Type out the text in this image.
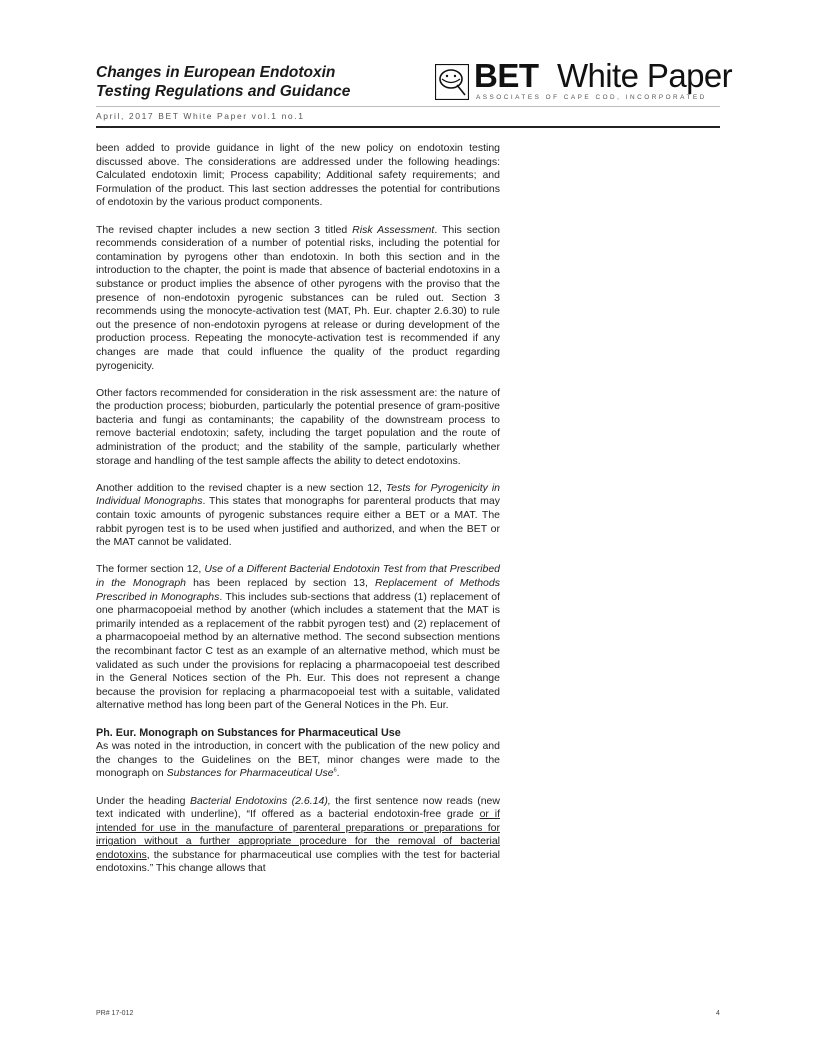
Changes in European Endotoxin
Testing Regulations and Guidance	BET White Paper
ASSOCIATES OF CAPE COD, INCORPORATED
April, 2017 BET White Paper vol.1 no.1

been added to provide guidance in light of the new policy on endotoxin testing discussed above. The considerations are addressed under the following headings: Calculated endotoxin limit; Process capability; Additional safety requirements; and Formulation of the product. This last section addresses the potential for contributions of endotoxin by the various product components.

The revised chapter includes a new section 3 titled Risk Assessment. This section recommends consideration of a number of potential risks, including the potential for contamination by pyrogens other than endotoxin. In both this section and in the introduction to the chapter, the point is made that absence of bacterial endotoxins in a substance or product implies the absence of other pyrogens with the proviso that the presence of non-endotoxin pyrogenic substances can be ruled out. Section 3 recommends using the monocyte-activation test (MAT, Ph. Eur. chapter 2.6.30) to rule out the presence of non-endotoxin pyrogens at release or during development of the production process. Repeating the monocyte-activation test is recommended if any changes are made that could influence the quality of the product regarding pyrogenicity.

Other factors recommended for consideration in the risk assessment are: the nature of the production process; bioburden, particularly the potential presence of gram-positive bacteria and fungi as contaminants; the capability of the downstream process to remove bacterial endotoxin; safety, including the target population and the route of administration of the product; and the stability of the sample, particularly whether storage and handling of the test sample affects the ability to detect endotoxins.

Another addition to the revised chapter is a new section 12, Tests for Pyrogenicity in Individual Monographs. This states that monographs for parenteral products that may contain toxic amounts of pyrogenic substances require either a BET or a MAT. The rabbit pyrogen test is to be used when justified and authorized, and when the BET or the MAT cannot be validated.

The former section 12, Use of a Different Bacterial Endotoxin Test from that Prescribed in the Monograph has been replaced by section 13, Replacement of Methods Prescribed in Monographs. This includes sub-sections that address (1) replacement of one pharmacopoeial method by another (which includes a statement that the MAT is primarily intended as a replacement of the rabbit pyrogen test) and (2) replacement of a pharmacopoeial method by an alternative method. The second subsection mentions the recombinant factor C test as an example of an alternative method, which must be validated as such under the provisions for replacing a pharmacopoeial test described in the General Notices section of the Ph. Eur. This does not represent a change because the provision for replacing a pharmacopoeial test with a suitable, validated alternative method has long been part of the General Notices in the Ph. Eur.

Ph. Eur. Monograph on Substances for Pharmaceutical Use

As was noted in the introduction, in concert with the publication of the new policy and the changes to the Guidelines on the BET, minor changes were made to the monograph on Substances for Pharmaceutical Use$^6$.

Under the heading Bacterial Endotoxins (2.6.14), the first sentence now reads (new text indicated with underline), “If offered as a bacterial endotoxin-free grade or if intended for use in the manufacture of parenteral preparations or preparations for irrigation without a further appropriate procedure for the removal of bacterial endotoxins, the substance for pharmaceutical use complies with the test for bacterial endotoxins.” This change allows that

PR# 17-012	4
